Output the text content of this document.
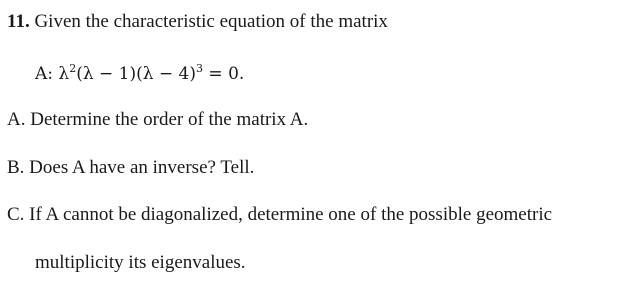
11. Given the characteristic equation of the matrix
A: $\lambda^2(\lambda - 1)(\lambda - 4)^3 = 0$.
A. Determine the order of the matrix A.
B. Does A have an inverse? Tell.
C. If A cannot be diagonalized, determine one of the possible geometric
multiplicity its eigenvalues.
